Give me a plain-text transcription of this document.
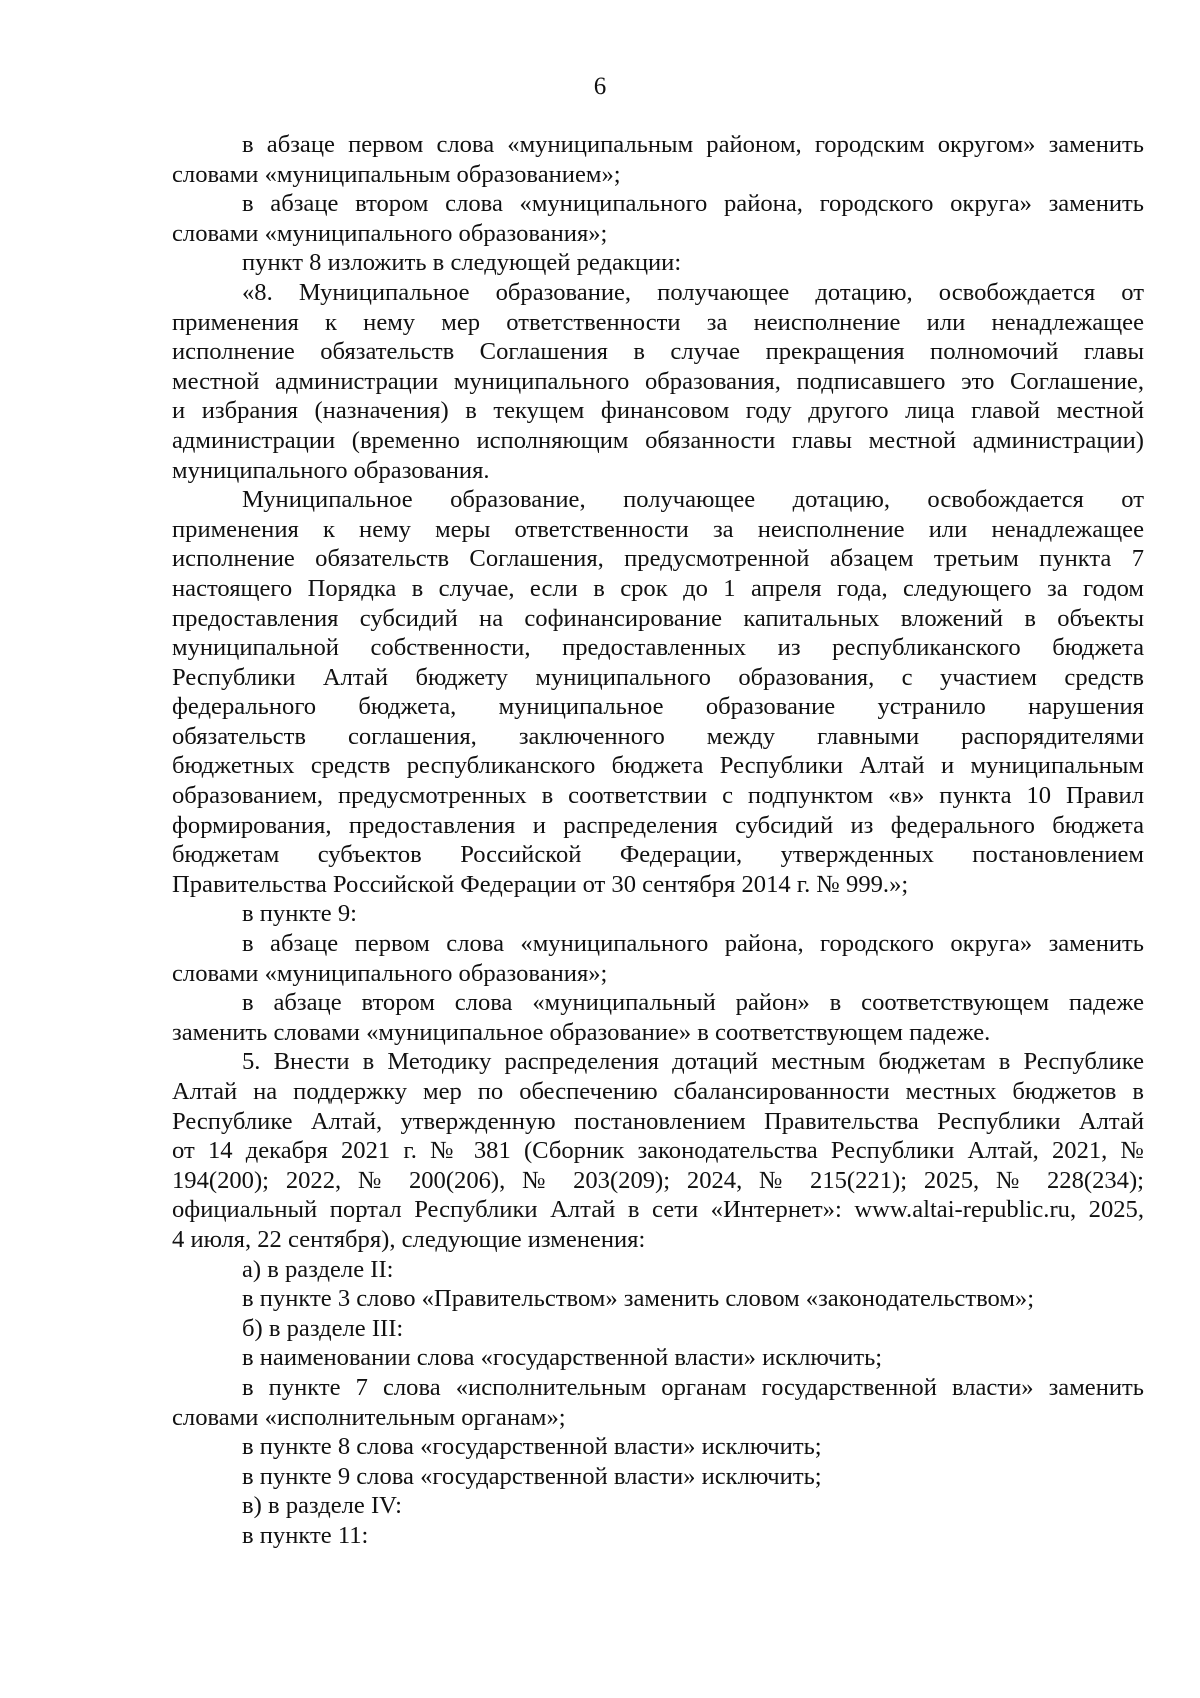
6
в абзаце первом слова «муниципальным районом, городским округом» заменить
словами «муниципальным образованием»;
в абзаце втором слова «муниципального района, городского округа» заменить
словами «муниципального образования»;
пункт 8 изложить в следующей редакции:
«8. Муниципальное образование, получающее дотацию, освобождается от
применения к нему мер ответственности за неисполнение или ненадлежащее
исполнение обязательств Соглашения в случае прекращения полномочий главы
местной администрации муниципального образования, подписавшего это Соглашение,
и избрания (назначения) в текущем финансовом году другого лица главой местной
администрации (временно исполняющим обязанности главы местной администрации)
муниципального образования.
Муниципальное образование, получающее дотацию, освобождается от
применения к нему меры ответственности за неисполнение или ненадлежащее
исполнение обязательств Соглашения, предусмотренной абзацем третьим пункта 7
настоящего Порядка в случае, если в срок до 1 апреля года, следующего за годом
предоставления субсидий на софинансирование капитальных вложений в объекты
муниципальной собственности, предоставленных из республиканского бюджета
Республики Алтай бюджету муниципального образования, с участием средств
федерального бюджета, муниципальное образование устранило нарушения
обязательств соглашения, заключенного между главными распорядителями
бюджетных средств республиканского бюджета Республики Алтай и муниципальным
образованием, предусмотренных в соответствии с подпунктом «в» пункта 10 Правил
формирования, предоставления и распределения субсидий из федерального бюджета
бюджетам субъектов Российской Федерации, утвержденных постановлением
Правительства Российской Федерации от 30 сентября 2014 г. № 999.»;
в пункте 9:
в абзаце первом слова «муниципального района, городского округа» заменить
словами «муниципального образования»;
в абзаце втором слова «муниципальный район» в соответствующем падеже
заменить словами «муниципальное образование» в соответствующем падеже.
5. Внести в Методику распределения дотаций местным бюджетам в Республике
Алтай на поддержку мер по обеспечению сбалансированности местных бюджетов в
Республике Алтай, утвержденную постановлением Правительства Республики Алтай
от 14 декабря 2021 г. № 381 (Сборник законодательства Республики Алтай, 2021, №
194(200); 2022, № 200(206), № 203(209); 2024, № 215(221); 2025, № 228(234);
официальный портал Республики Алтай в сети «Интернет»: www.altai-republic.ru, 2025,
4 июля, 22 сентября), следующие изменения:
а) в разделе II:
в пункте 3 слово «Правительством» заменить словом «законодательством»;
б) в разделе III:
в наименовании слова «государственной власти» исключить;
в пункте 7 слова «исполнительным органам государственной власти» заменить
словами «исполнительным органам»;
в пункте 8 слова «государственной власти» исключить;
в пункте 9 слова «государственной власти» исключить;
в) в разделе IV:
в пункте 11:
